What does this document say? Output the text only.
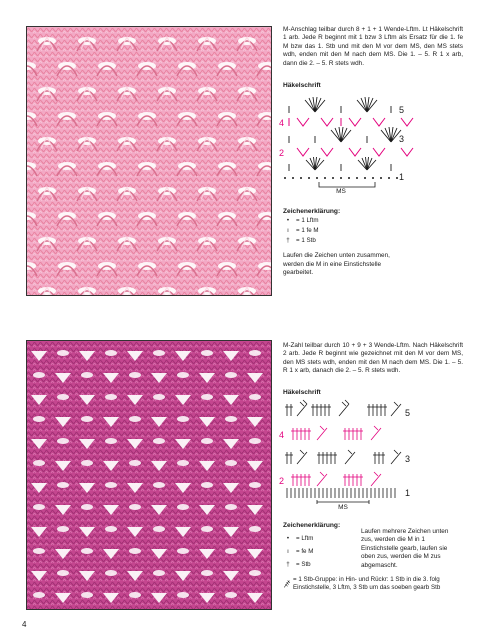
M-Anschlag teilbar durch 8 + 1 + 1 Wende-Lftm. Lt Häkelschrift 1 arb. Jede R beginnt mit 1 bzw 3 Lftm als Ersatz für die 1. fe M bzw das 1. Stb und mit den M vor dem MS, den MS stets wdh, enden mit den M nach dem MS. Die 1. – 5. R 1 x arb, dann die 2. – 5. R stets wdh.

Häkelschrift

MS
5
4
3
2
1

Zeichenerklärung:

•	= 1 Lftm
ı	= 1 fe M
†	= 1 Stb

Laufen die Zeichen unten zusammen, werden die M in eine Einstichstelle gearbeitet.

M-Zahl teilbar durch 10 + 9 + 3 Wende-Lftm. Nach Häkelschrift 2 arb. Jede R beginnt wie gezeichnet mit den M vor dem MS, den MS stets wdh, enden mit den M nach dem MS. Die 1. – 5. R 1 x arb, danach die 2. – 5. R stets wdh.

Häkelschrift

MS
5
4
3
2
1

Zeichenerklärung:

•	= Lftm
ı	= fe M
†	= Stb

Laufen mehrere Zeichen unten zus, werden die M in 1 Einstichstelle gearb, laufen sie oben zus, werden die M zus abgemascht.

= 1 Stb-Gruppe: in Hin- und Rückr: 1 Stb in die 3. folg Einstichstelle, 3 Lftm, 3 Stb um das soeben gearb Stb
4
